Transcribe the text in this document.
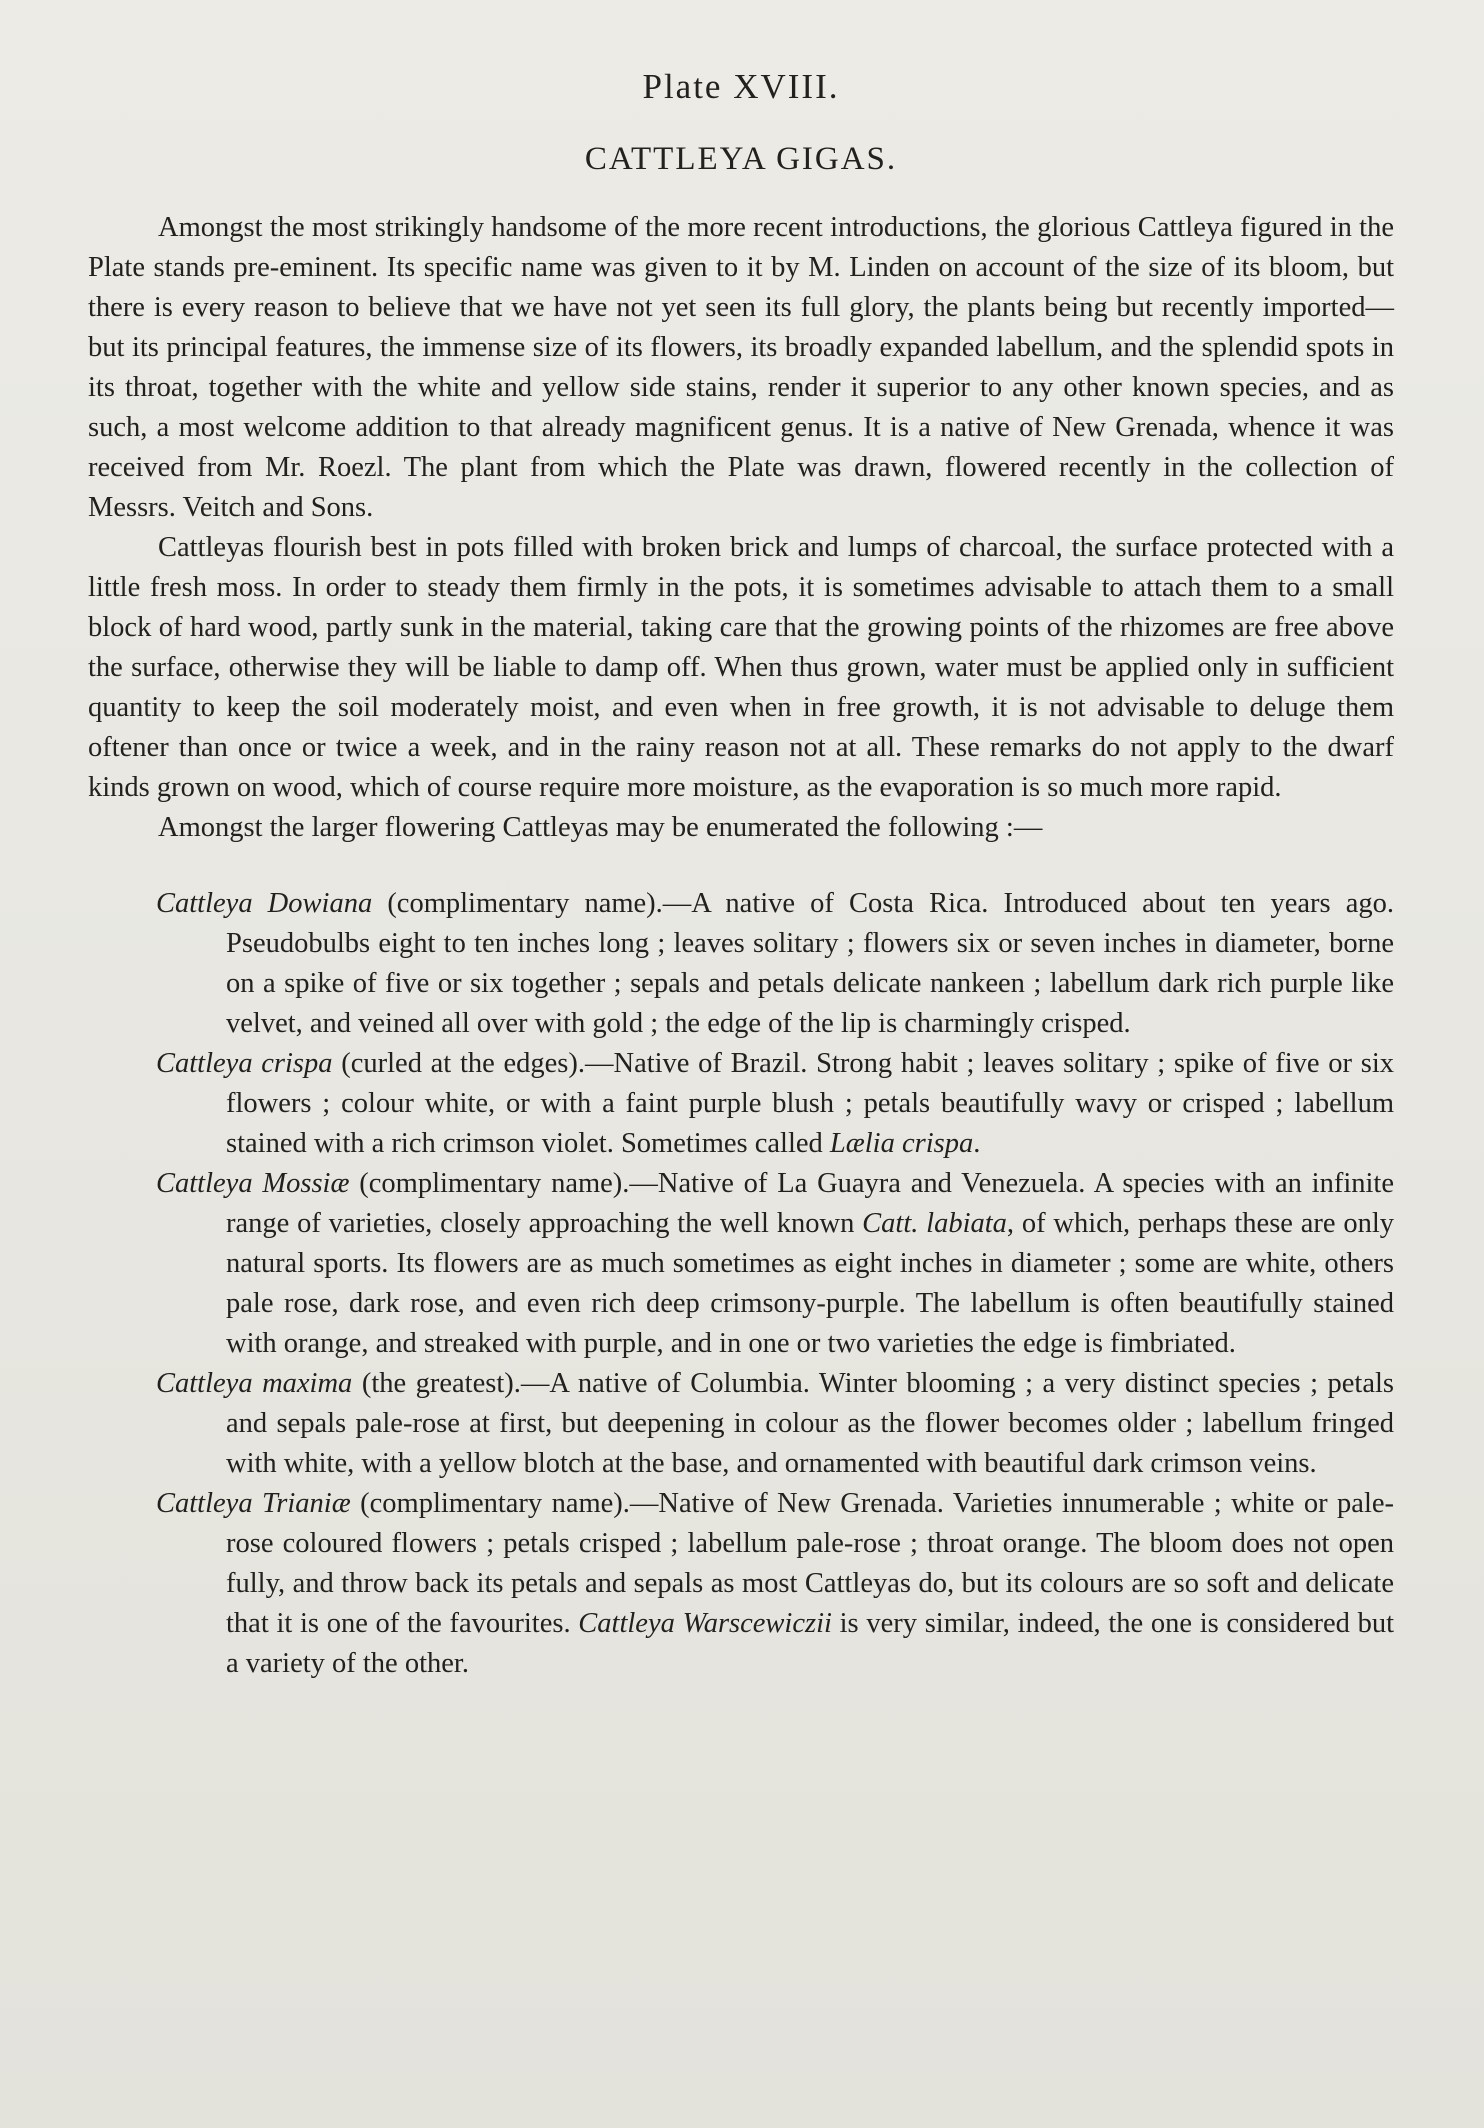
Plate XVIII.
CATTLEYA GIGAS.

Amongst the most strikingly handsome of the more recent introductions, the glorious Cattleya figured in the Plate stands pre-eminent. Its specific name was given to it by M. Linden on account of the size of its bloom, but there is every reason to believe that we have not yet seen its full glory, the plants being but recently imported—but its principal features, the immense size of its flowers, its broadly expanded labellum, and the splendid spots in its throat, together with the white and yellow side stains, render it superior to any other known species, and as such, a most welcome addition to that already magnificent genus. It is a native of New Grenada, whence it was received from Mr. Roezl. The plant from which the Plate was drawn, flowered recently in the collection of Messrs. Veitch and Sons.

Cattleyas flourish best in pots filled with broken brick and lumps of charcoal, the surface protected with a little fresh moss. In order to steady them firmly in the pots, it is sometimes advisable to attach them to a small block of hard wood, partly sunk in the material, taking care that the growing points of the rhizomes are free above the surface, otherwise they will be liable to damp off. When thus grown, water must be applied only in sufficient quantity to keep the soil moderately moist, and even when in free growth, it is not advisable to deluge them oftener than once or twice a week, and in the rainy reason not at all. These remarks do not apply to the dwarf kinds grown on wood, which of course require more moisture, as the evaporation is so much more rapid.

Amongst the larger flowering Cattleyas may be enumerated the following :—

Cattleya Dowiana (complimentary name).—A native of Costa Rica. Introduced about ten years ago. Pseudobulbs eight to ten inches long ; leaves solitary ; flowers six or seven inches in diameter, borne on a spike of five or six together ; sepals and petals delicate nankeen ; labellum dark rich purple like velvet, and veined all over with gold ; the edge of the lip is charmingly crisped.

Cattleya crispa (curled at the edges).—Native of Brazil. Strong habit ; leaves solitary ; spike of five or six flowers ; colour white, or with a faint purple blush ; petals beautifully wavy or crisped ; labellum stained with a rich crimson violet. Sometimes called Lælia crispa.

Cattleya Mossiæ (complimentary name).—Native of La Guayra and Venezuela. A species with an infinite range of varieties, closely approaching the well known Catt. labiata, of which, perhaps these are only natural sports. Its flowers are as much sometimes as eight inches in diameter ; some are white, others pale rose, dark rose, and even rich deep crimsony-purple. The labellum is often beautifully stained with orange, and streaked with purple, and in one or two varieties the edge is fimbriated.

Cattleya maxima (the greatest).—A native of Columbia. Winter blooming ; a very distinct species ; petals and sepals pale-rose at first, but deepening in colour as the flower becomes older ; labellum fringed with white, with a yellow blotch at the base, and ornamented with beautiful dark crimson veins.

Cattleya Trianiæ (complimentary name).—Native of New Grenada. Varieties innumerable ; white or pale-rose coloured flowers ; petals crisped ; labellum pale-rose ; throat orange. The bloom does not open fully, and throw back its petals and sepals as most Cattleyas do, but its colours are so soft and delicate that it is one of the favourites. Cattleya Warscewiczii is very similar, indeed, the one is considered but a variety of the other.
